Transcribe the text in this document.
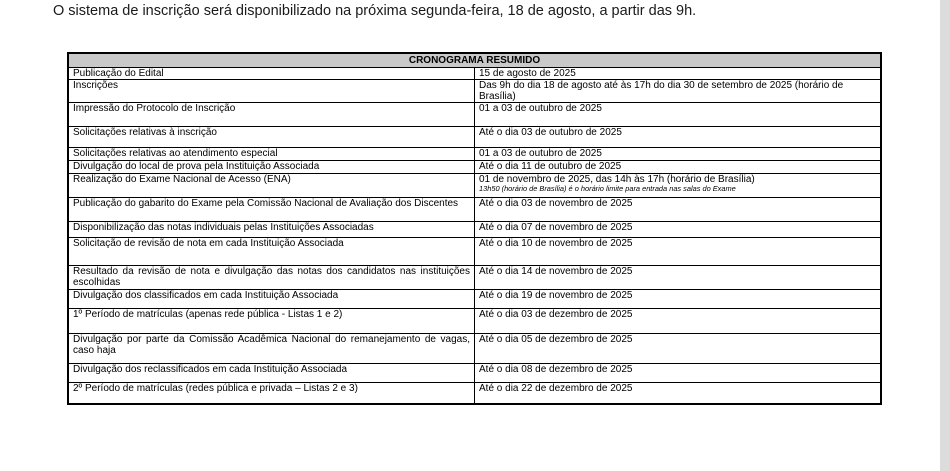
O sistema de inscrição será disponibilizado na próxima segunda-feira, 18 de agosto, a partir das 9h.

CRONOGRAMA RESUMIDO	
Publicação do Edital	15 de agosto de 2025
Inscrições	Das 9h do dia 18 de agosto até às 17h do dia 30 de setembro de 2025 (horário de Brasília)
Impressão do Protocolo de Inscrição	01 a 03 de outubro de 2025
Solicitações relativas à inscrição	Até o dia 03 de outubro de 2025
Solicitações relativas ao atendimento especial	01 a 03 de outubro de 2025
Divulgação do local de prova pela Instituição Associada	Até o dia 11 de outubro de 2025
Realização do Exame Nacional de Acesso (ENA)	01 de novembro de 2025, das 14h às 17h (horário de Brasília)
13h50 (horário de Brasília) é o horário limite para entrada nas salas do Exame

Publicação do gabarito do Exame pela Comissão Nacional de Avaliação dos Discentes	Até o dia 03 de novembro de 2025
Disponibilização das notas individuais pelas Instituições Associadas	Até o dia 07 de novembro de 2025
Solicitação de revisão de nota em cada Instituição Associada	Até o dia 10 de novembro de 2025
Resultado da revisão de nota e divulgação das notas dos candidatos nas instituições escolhidas	Até o dia 14 de novembro de 2025
Divulgação dos classificados em cada Instituição Associada	Até o dia 19 de novembro de 2025
1º Período de matrículas (apenas rede pública - Listas 1 e 2)	Até o dia 03 de dezembro de 2025
Divulgação por parte da Comissão Acadêmica Nacional do remanejamento de vagas, caso haja	Até o dia 05 de dezembro de 2025
Divulgação dos reclassificados em cada Instituição Associada	Até o dia 08 de dezembro de 2025
2º Período de matrículas (redes pública e privada – Listas 2 e 3)	Até o dia 22 de dezembro de 2025
